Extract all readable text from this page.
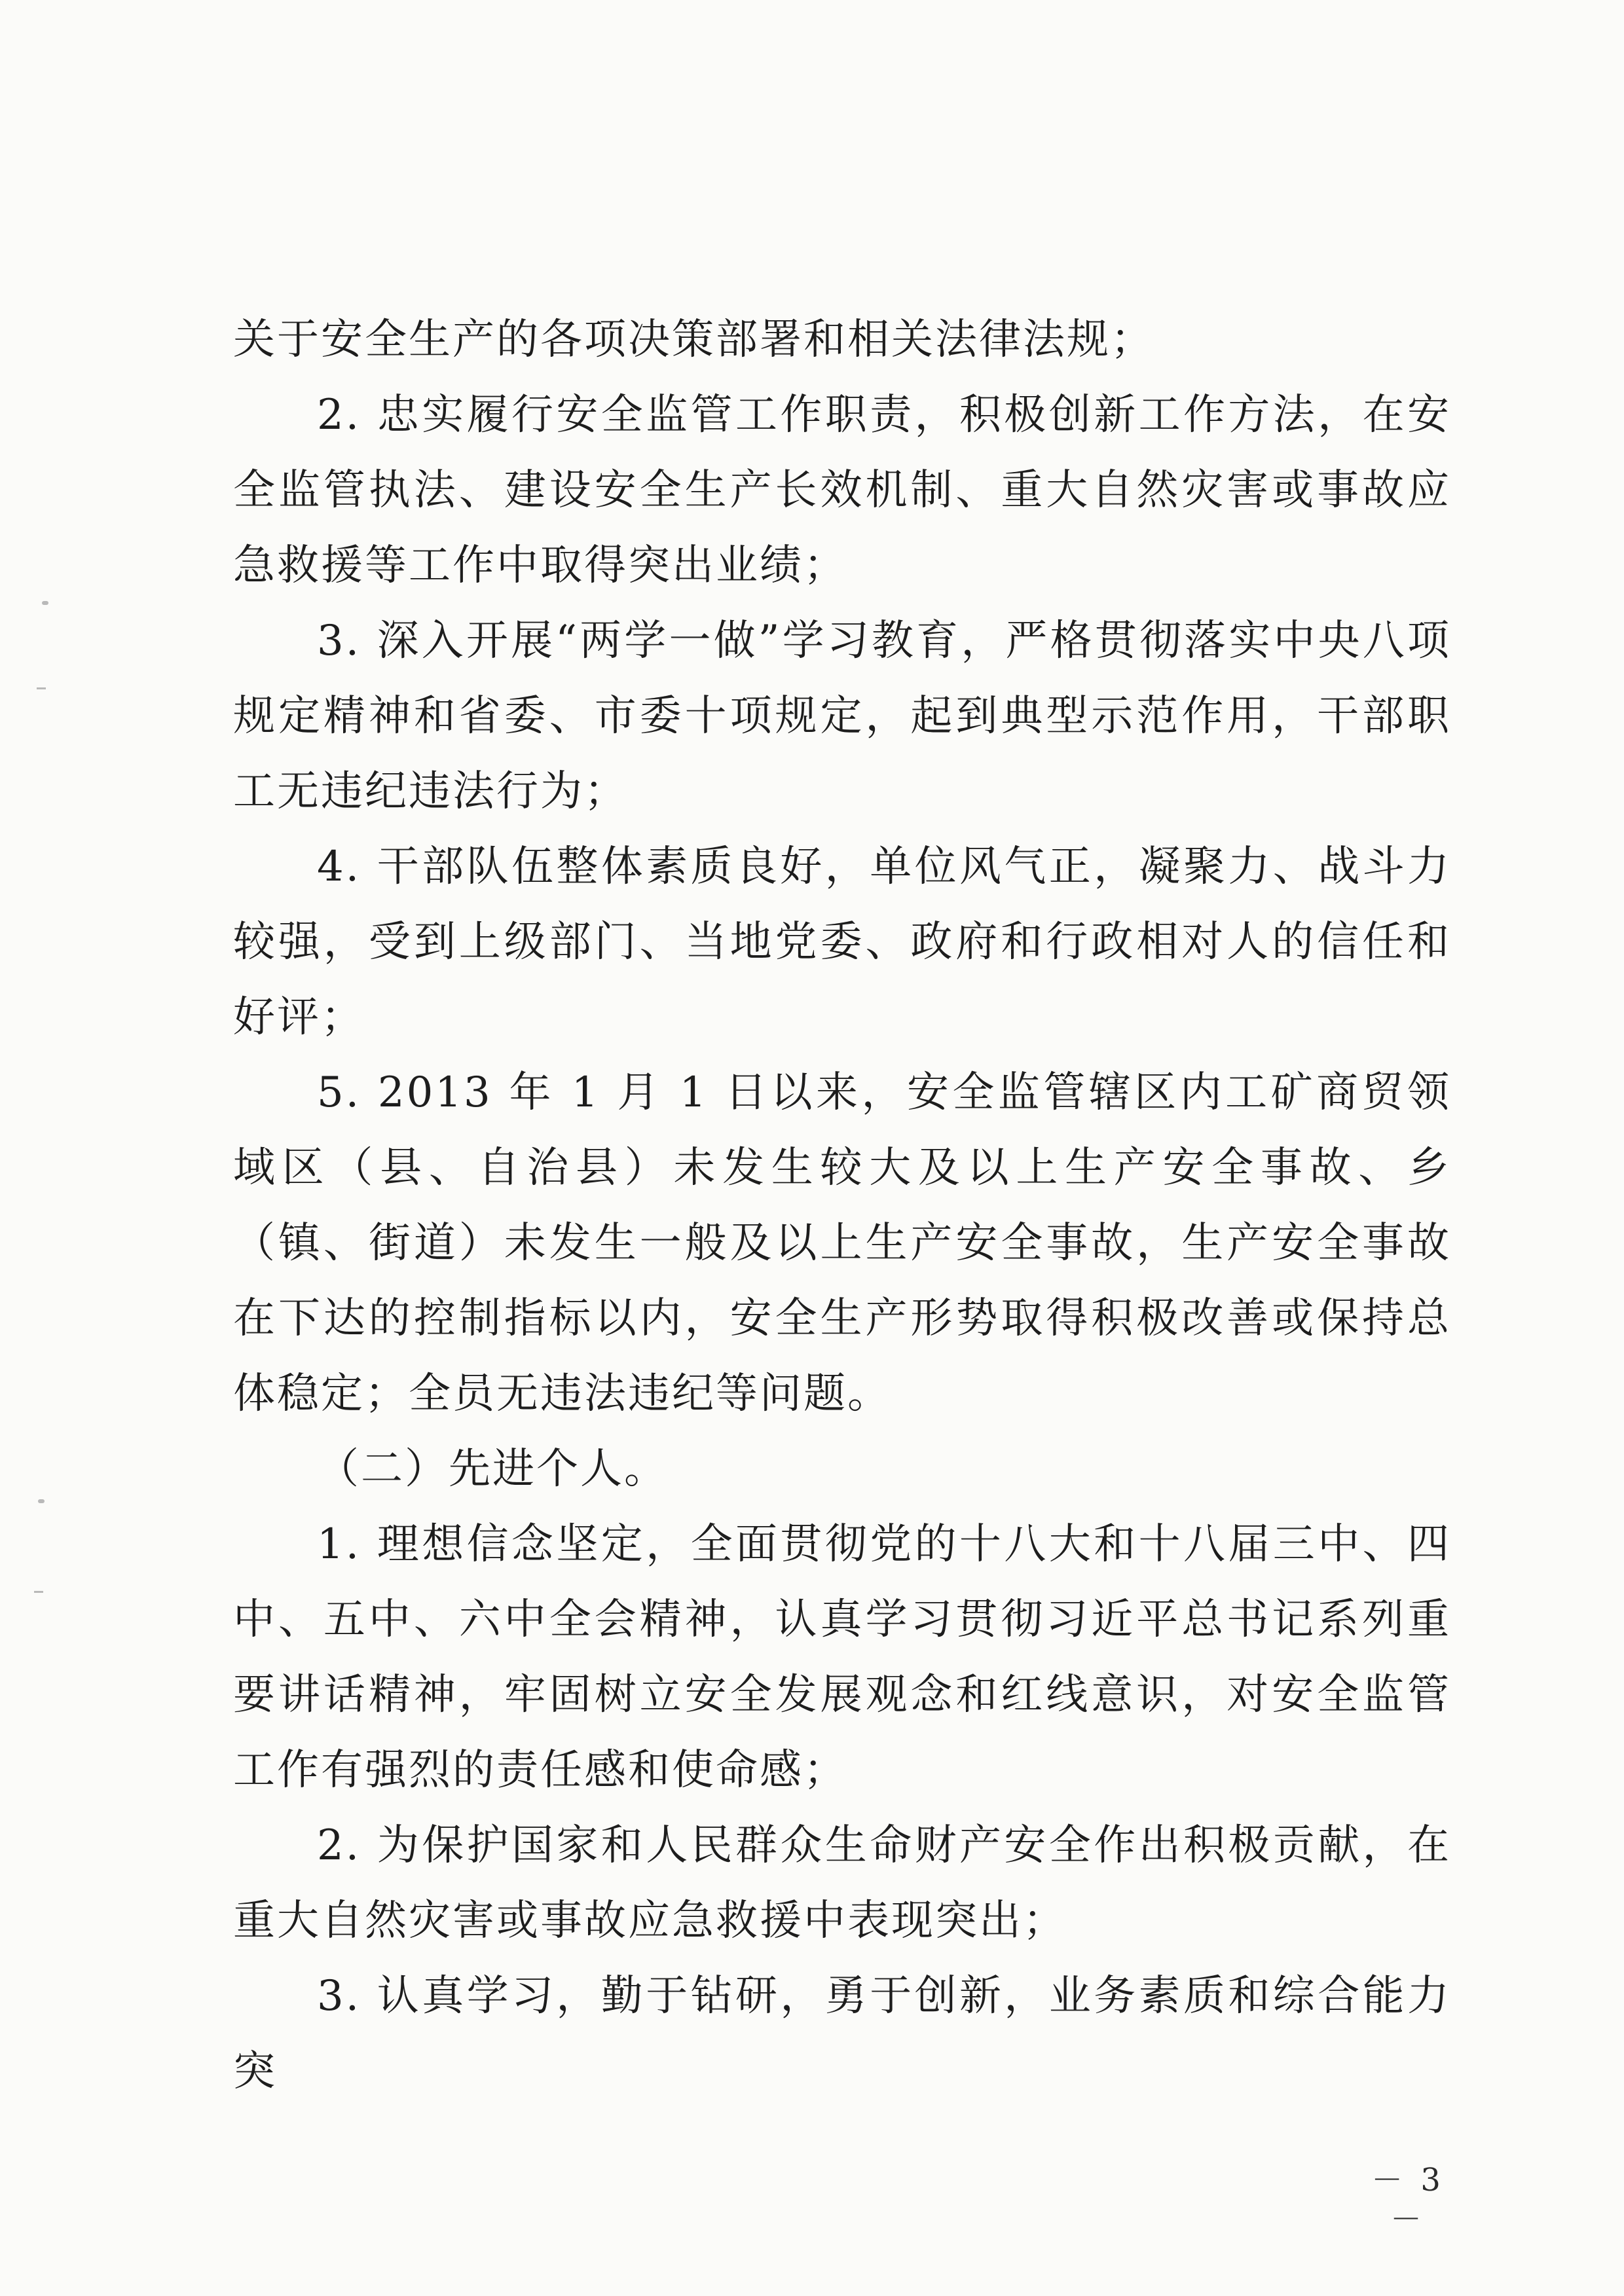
关于安全生产的各项决策部署和相关法律法规；

2. 忠实履行安全监管工作职责，积极创新工作方法，在安全监管执法、建设安全生产长效机制、重大自然灾害或事故应急救援等工作中取得突出业绩；

3. 深入开展“两学一做”学习教育，严格贯彻落实中央八项规定精神和省委、市委十项规定，起到典型示范作用，干部职工无违纪违法行为；

4. 干部队伍整体素质良好，单位风气正，凝聚力、战斗力较强，受到上级部门、当地党委、政府和行政相对人的信任和好评；

5. 2013 年 1 月 1 日以来，安全监管辖区内工矿商贸领域区（县、自治县）未发生较大及以上生产安全事故、乡（镇、街道）未发生一般及以上生产安全事故，生产安全事故在下达的控制指标以内，安全生产形势取得积极改善或保持总体稳定；全员无违法违纪等问题。

（二）先进个人。

1. 理想信念坚定，全面贯彻党的十八大和十八届三中、四中、五中、六中全会精神，认真学习贯彻习近平总书记系列重要讲话精神，牢固树立安全发展观念和红线意识，对安全监管工作有强烈的责任感和使命感；

2. 为保护国家和人民群众生命财产安全作出积极贡献，在重大自然灾害或事故应急救援中表现突出；

3. 认真学习，勤于钻研，勇于创新，业务素质和综合能力突

－ 3 －
